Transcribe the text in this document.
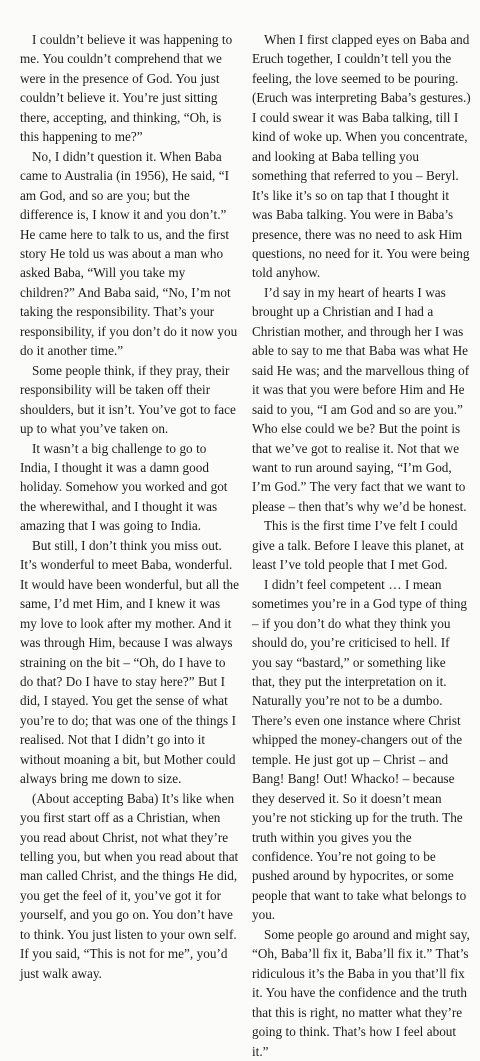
I couldn’t believe it was happening to me. You couldn’t comprehend that we were in the presence of God. You just couldn’t believe it. You’re just sitting there, accepting, and thinking, “Oh, is this happening to me?”

No, I didn’t question it. When Baba came to Australia (in 1956), He said, “I am God, and so are you; but the difference is, I know it and you don’t.” He came here to talk to us, and the first story He told us was about a man who asked Baba, “Will you take my children?” And Baba said, “No, I’m not taking the responsibility. That’s your responsibility, if you don’t do it now you do it another time.”

Some people think, if they pray, their responsibility will be taken off their shoulders, but it isn’t. You’ve got to face up to what you’ve taken on.

It wasn’t a big challenge to go to India, I thought it was a damn good holiday. Somehow you worked and got the wherewithal, and I thought it was amazing that I was going to India.

But still, I don’t think you miss out. It’s wonderful to meet Baba, wonderful. It would have been wonderful, but all the same, I’d met Him, and I knew it was my love to look after my mother. And it was through Him, because I was always straining on the bit – “Oh, do I have to do that? Do I have to stay here?” But I did, I stayed. You get the sense of what you’re to do; that was one of the things I realised. Not that I didn’t go into it without moaning a bit, but Mother could always bring me down to size.

(About accepting Baba) It’s like when you first start off as a Christian, when you read about Christ, not what they’re telling you, but when you read about that man called Christ, and the things He did, you get the feel of it, you’ve got it for yourself, and you go on. You don’t have to think. You just listen to your own self. If you said, “This is not for me”, you’d just walk away.

When I first clapped eyes on Baba and Eruch together, I couldn’t tell you the feeling, the love seemed to be pouring. (Eruch was interpreting Baba’s gestures.) I could swear it was Baba talking, till I kind of woke up. When you concentrate, and looking at Baba telling you something that referred to you – Beryl. It’s like it’s so on tap that I thought it was Baba talking. You were in Baba’s presence, there was no need to ask Him questions, no need for it. You were being told anyhow.

I’d say in my heart of hearts I was brought up a Christian and I had a Christian mother, and through her I was able to say to me that Baba was what He said He was; and the marvellous thing of it was that you were before Him and He said to you, “I am God and so are you.” Who else could we be? But the point is that we’ve got to realise it. Not that we want to run around saying, “I’m God, I’m God.” The very fact that we want to please – then that’s why we’d be honest.

This is the first time I’ve felt I could give a talk. Before I leave this planet, at least I’ve told people that I met God.

I didn’t feel competent … I mean sometimes you’re in a God type of thing – if you don’t do what they think you should do, you’re criticised to hell. If you say “bastard,” or something like that, they put the interpretation on it. Naturally you’re not to be a dumbo. There’s even one instance where Christ whipped the money-changers out of the temple. He just got up – Christ – and Bang! Bang! Out! Whacko! – because they deserved it. So it doesn’t mean you’re not sticking up for the truth. The truth within you gives you the confidence. You’re not going to be pushed around by hypocrites, or some people that want to take what belongs to you.

Some people go around and might say, “Oh, Baba’ll fix it, Baba’ll fix it.” That’s ridiculous it’s the Baba in you that’ll fix it. You have the confidence and the truth that this is right, no matter what they’re going to think. That’s how I feel about it.”
